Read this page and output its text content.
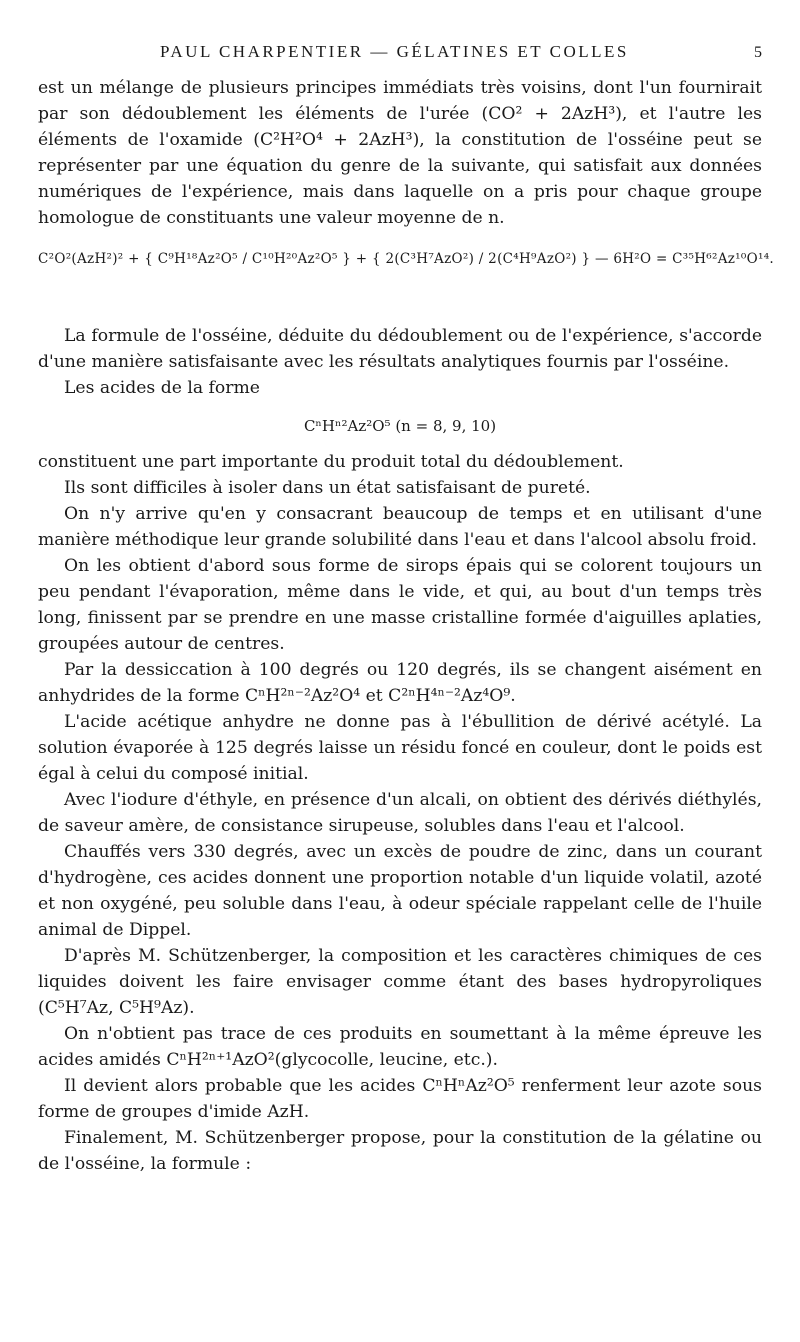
PAUL CHARPENTIER — GÉLATINES ET COLLES	5

est un mélange de plusieurs principes immédiats très voisins, dont l'un fournirait par son dédoublement les éléments de l'urée (CO² + 2AzH³), et l'autre les éléments de l'oxamide (C²H²O⁴ + 2AzH³), la constitution de l'osséine peut se représenter par une équation du genre de la suivante, qui satisfait aux données numériques de l'expérience, mais dans laquelle on a pris pour chaque groupe homologue de constituants une valeur moyenne de n.

C²O²(AzH²)² + { C⁹H¹⁸Az²O⁵ / C¹⁰H²⁰Az²O⁵ } + { 2(C³H⁷AzO²) / 2(C⁴H⁹AzO²) } — 6H²O = C³⁵H⁶²Az¹⁰O¹⁴.

La formule de l'osséine, déduite du dédoublement ou de l'expérience, s'accorde d'une manière satisfaisante avec les résultats analytiques fournis par l'osséine.

Les acides de la forme

CⁿHⁿ²Az²O⁵ (n = 8, 9, 10)

constituent une part importante du produit total du dédoublement.

Ils sont difficiles à isoler dans un état satisfaisant de pureté.

On n'y arrive qu'en y consacrant beaucoup de temps et en utilisant d'une manière méthodique leur grande solubilité dans l'eau et dans l'alcool absolu froid.

On les obtient d'abord sous forme de sirops épais qui se colorent toujours un peu pendant l'évaporation, même dans le vide, et qui, au bout d'un temps très long, finissent par se prendre en une masse cristalline formée d'aiguilles aplaties, groupées autour de centres.

Par la dessiccation à 100 degrés ou 120 degrés, ils se changent aisément en anhydrides de la forme CⁿH²ⁿ⁻²Az²O⁴ et C²ⁿH⁴ⁿ⁻²Az⁴O⁹.

L'acide acétique anhydre ne donne pas à l'ébullition de dérivé acétylé. La solution évaporée à 125 degrés laisse un résidu foncé en couleur, dont le poids est égal à celui du composé initial.

Avec l'iodure d'éthyle, en présence d'un alcali, on obtient des dérivés diéthylés, de saveur amère, de consistance sirupeuse, solubles dans l'eau et l'alcool.

Chauffés vers 330 degrés, avec un excès de poudre de zinc, dans un courant d'hydrogène, ces acides donnent une proportion notable d'un liquide volatil, azoté et non oxygéné, peu soluble dans l'eau, à odeur spéciale rappelant celle de l'huile animal de Dippel.

D'après M. Schützenberger, la composition et les caractères chimiques de ces liquides doivent les faire envisager comme étant des bases hydropyroliques (C⁵H⁷Az, C⁵H⁹Az).

On n'obtient pas trace de ces produits en soumettant à la même épreuve les acides amidés CⁿH²ⁿ⁺¹AzO²(glycocolle, leucine, etc.).

Il devient alors probable que les acides CⁿHⁿAz²O⁵ renferment leur azote sous forme de groupes d'imide AzH.

Finalement, M. Schützenberger propose, pour la constitution de la gélatine ou de l'osséine, la formule :
